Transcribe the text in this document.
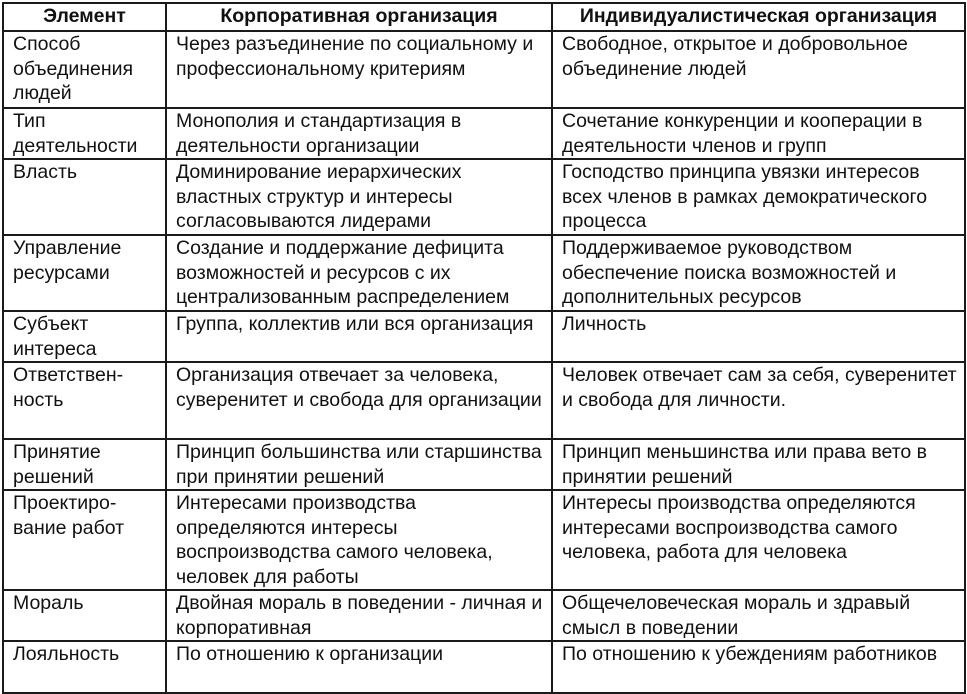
Элемент	Корпоративная организация	Индивидуалистическая организация
Способ объединения людей	Через разъединение по социальному и профессиональному критериям	Свободное, открытое и добровольное объединение людей
Тип деятельности	Монополия и стандартизация в деятельности организации	Сочетание конкуренции и кооперации в деятельности членов и групп
Власть	Доминирование иерархических властных структур и интересы согласовываются лидерами	Господство принципа увязки интересов всех членов в рамках демократического процесса
Управление ресурсами	Создание и поддержание дефицита возможностей и ресурсов с их централизованным распределением	Поддерживаемое руководством обеспечение поиска возможностей и дополнительных ресурсов
Субъект интереса	Группа, коллектив или вся организация	Личность
Ответствен-ность	Организация отвечает за человека, суверенитет и свобода для организации	Человек отвечает сам за себя, суверенитет и свобода для личности.
Принятие решений	Принцип большинства или старшинства при принятии решений	Принцип меньшинства или права вето в принятии решений
Проектиро-вание работ	Интересами производства определяются интересы воспроизводства самого человека, человек для работы	Интересы производства определяются интересами воспроизводства самого человека, работа для человека
Мораль	Двойная мораль в поведении - личная и корпоративная	Общечеловеческая мораль и здравый смысл в поведении
Лояльность	По отношению к организации	По отношению к убеждениям работников
